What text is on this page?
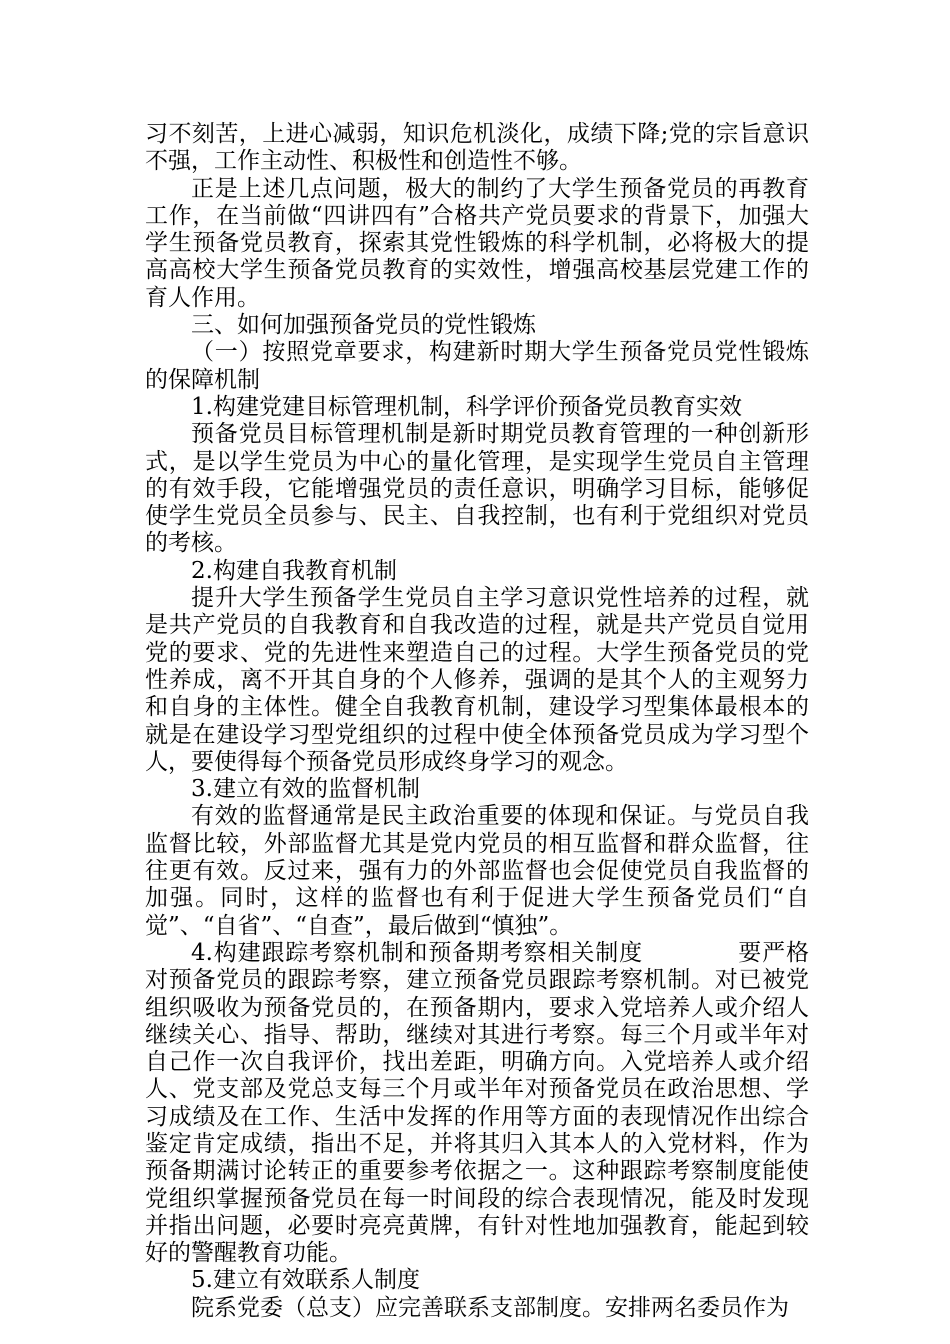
习不刻苦，上进心减弱，知识危机淡化，成绩下降;党的宗旨意识不强，工作主动性、积极性和创造性不够。

正是上述几点问题，极大的制约了大学生预备党员的再教育工作，在当前做“四讲四有”合格共产党员要求的背景下，加强大学生预备党员教育，探索其党性锻炼的科学机制，必将极大的提高高校大学生预备党员教育的实效性，增强高校基层党建工作的育人作用。

三、如何加强预备党员的党性锻炼

（一）按照党章要求，构建新时期大学生预备党员党性锻炼的保障机制

1.构建党建目标管理机制，科学评价预备党员教育实效

预备党员目标管理机制是新时期党员教育管理的一种创新形式，是以学生党员为中心的量化管理，是实现学生党员自主管理的有效手段，它能增强党员的责任意识，明确学习目标，能够促使学生党员全员参与、民主、自我控制，也有利于党组织对党员的考核。

2.构建自我教育机制

提升大学生预备学生党员自主学习意识党性培养的过程，就是共产党员的自我教育和自我改造的过程，就是共产党员自觉用党的要求、党的先进性来塑造自己的过程。大学生预备党员的党性养成，离不开其自身的个人修养，强调的是其个人的主观努力和自身的主体性。健全自我教育机制，建设学习型集体最根本的就是在建设学习型党组织的过程中使全体预备党员成为学习型个人，要使得每个预备党员形成终身学习的观念。

3.建立有效的监督机制

有效的监督通常是民主政治重要的体现和保证。与党员自我监督比较，外部监督尤其是党内党员的相互监督和群众监督，往往更有效。反过来，强有力的外部监督也会促使党员自我监督的加强。同时，这样的监督也有利于促进大学生预备党员们“自觉”、“自省”、“自查”，最后做到“慎独”。

4.构建跟踪考察机制和预备期考察相关制度　　　　要严格对预备党员的跟踪考察，建立预备党员跟踪考察机制。对已被党组织吸收为预备党员的，在预备期内，要求入党培养人或介绍人继续关心、指导、帮助，继续对其进行考察。每三个月或半年对自己作一次自我评价，找出差距，明确方向。入党培养人或介绍人、党支部及党总支每三个月或半年对预备党员在政治思想、学习成绩及在工作、生活中发挥的作用等方面的表现情况作出综合鉴定肯定成绩，指出不足，并将其归入其本人的入党材料，作为预备期满讨论转正的重要参考依据之一。这种跟踪考察制度能使党组织掌握预备党员在每一时间段的综合表现情况，能及时发现并指出问题，必要时亮亮黄牌，有针对性地加强教育，能起到较好的警醒教育功能。

5.建立有效联系人制度

院系党委（总支）应完善联系支部制度。安排两名委员作为
